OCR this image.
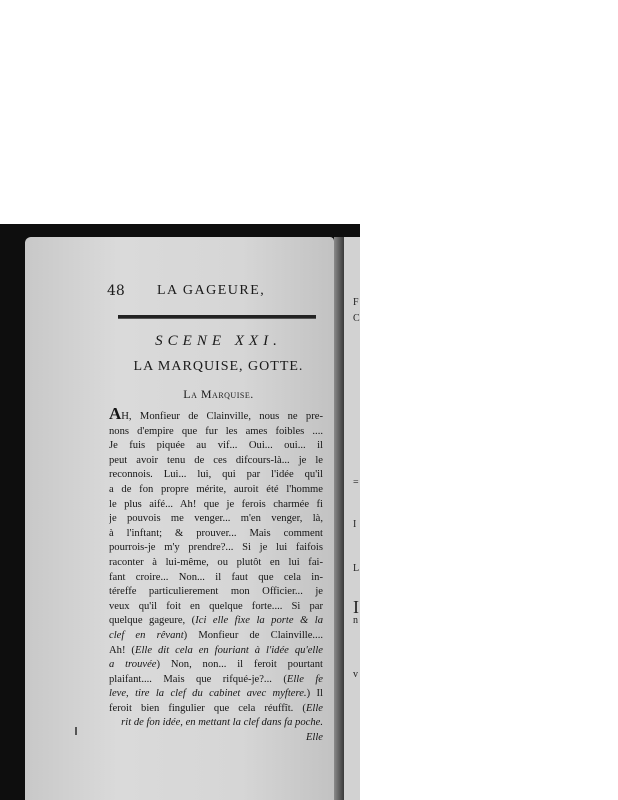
48 LA GAGEURE,
SCENE XXI.
LA MARQUISE, GOTTE.
La Marquise.
AH, Monfieur de Clainville, nous ne pre-
nons d'empire que fur les ames foibles ....
Je fuis piquée au vif... Oui... oui... il
peut avoir tenu de ces difcours-là... je le
reconnois. Lui... lui, qui par l'idée qu'il
a de fon propre mérite, auroit été l'homme
le plus aifé... Ah! que je ferois charmée fi
je pouvois me venger... m'en venger, là,
à l'inftant; & prouver... Mais comment
pourrois-je m'y prendre?... Si je lui faifois
raconter à lui-même, ou plutôt en lui fai-
fant croire... Non... il faut que cela in-
téreffe particulierement mon Officier... je
veux qu'il foit en quelque forte.... Si par
quelque gageure, (Ici elle fixe la porte & la
clef en rêvant) Monfieur de Clainville....
Ah! (Elle dit cela en fouriant à l'idée qu'elle
a trouvée) Non, non... il feroit pourtant
plaifant.... Mais que rifqué-je?... (Elle fe
leve, tire la clef du cabinet avec myftere.) Il
feroit bien fingulier que cela réuffît. (Elle
rit de fon idée, en mettant la clef dans fa poche.
Elle
F
C
=
I
L
I
n
v
